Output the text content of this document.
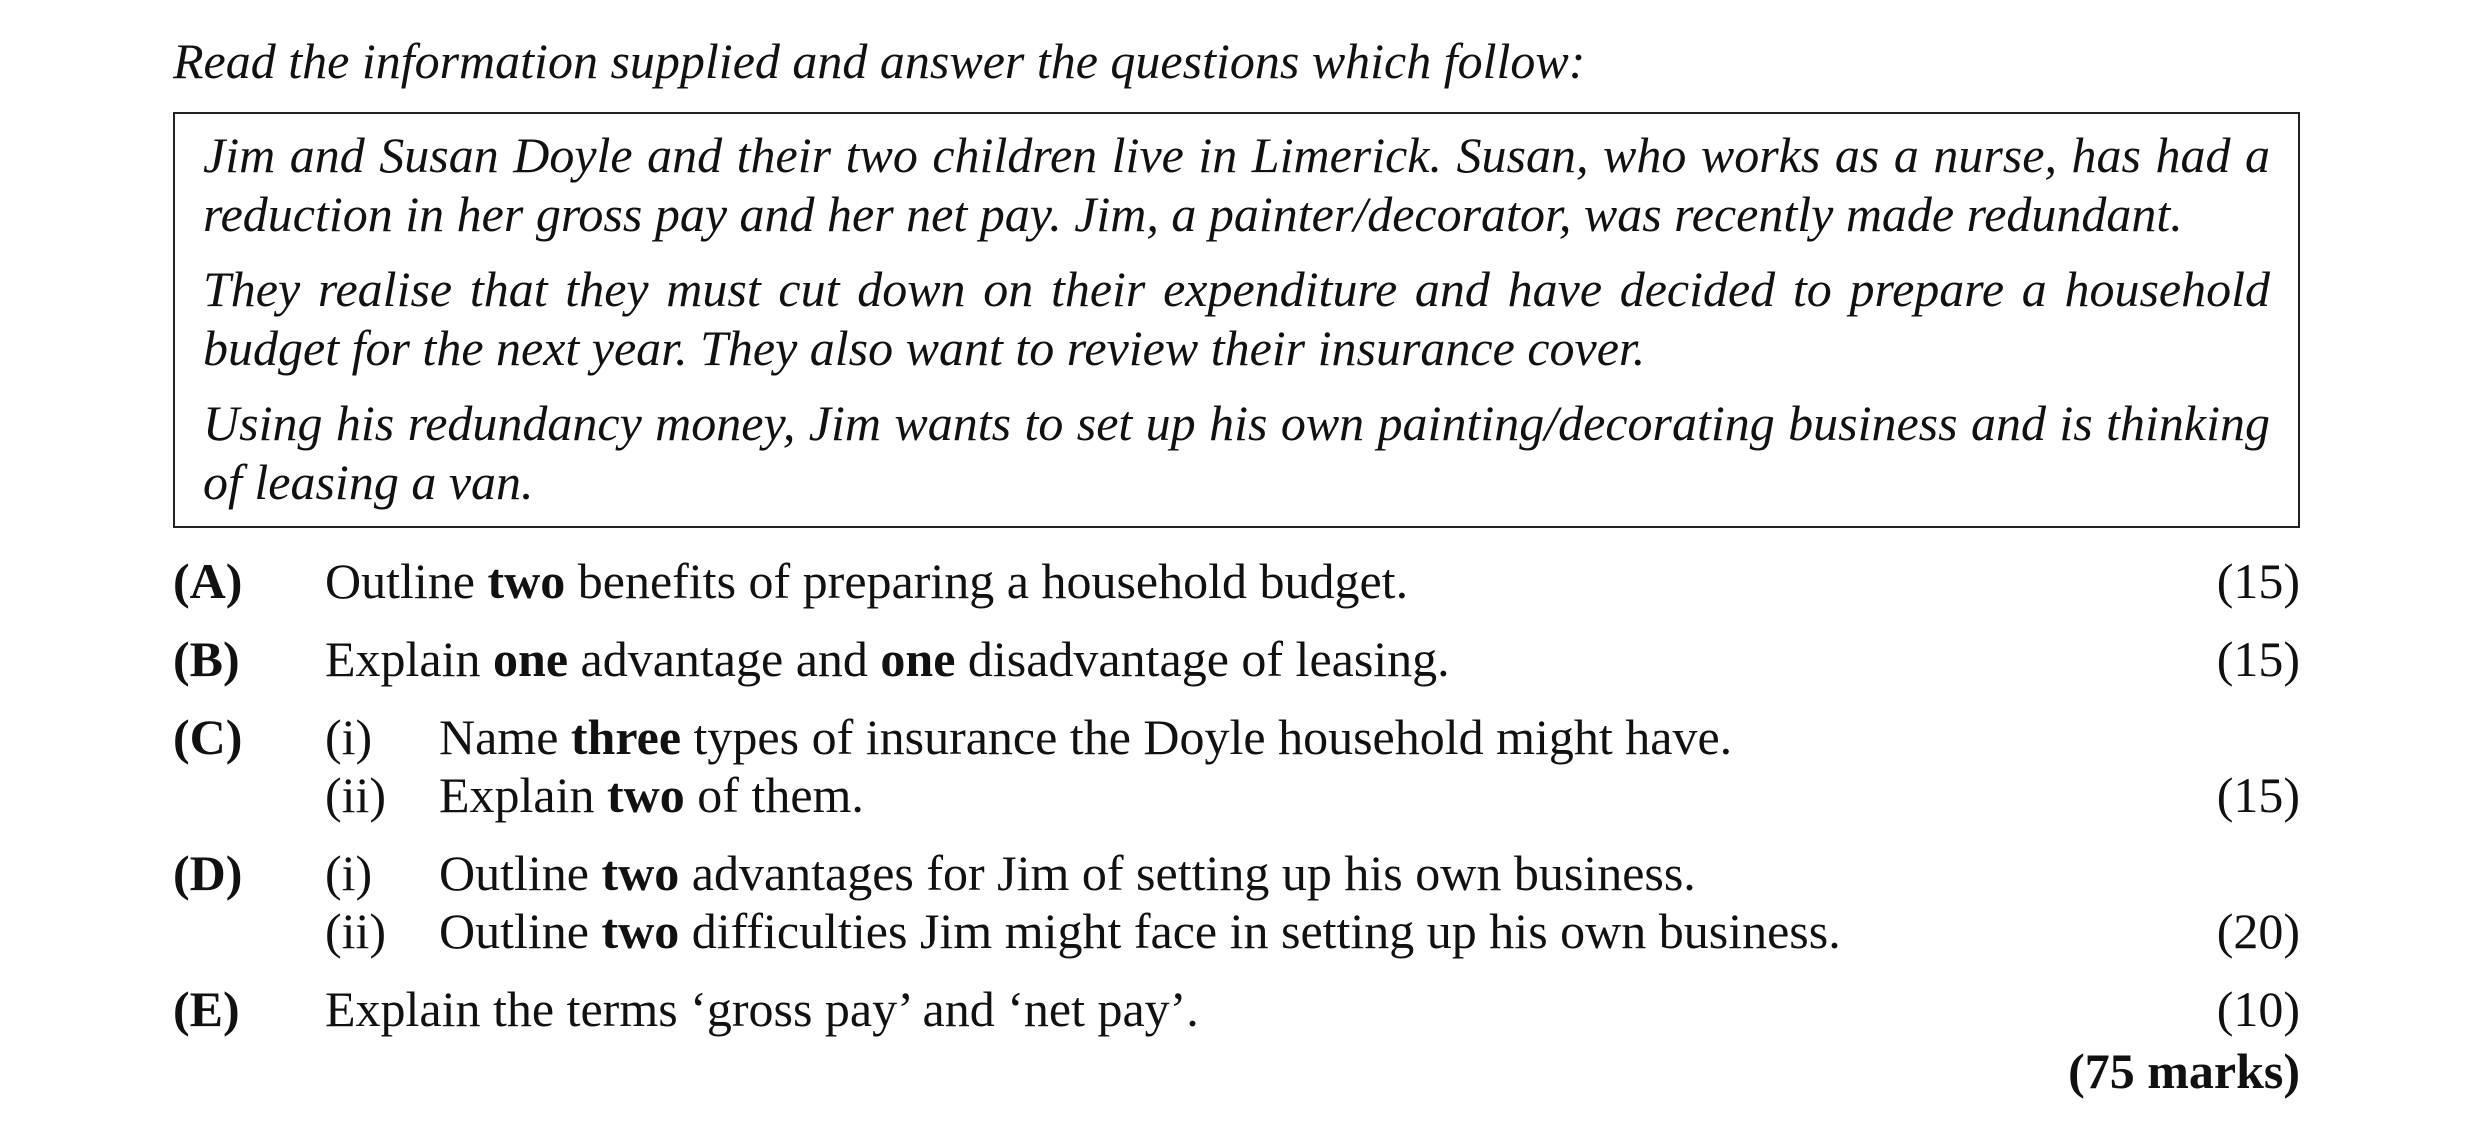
Read the information supplied and answer the questions which follow:

Jim and Susan Doyle and their two children live in Limerick. Susan, who works as a nurse, has had a reduction in her gross pay and her net pay. Jim, a painter/decorator, was recently made redundant.

They realise that they must cut down on their expenditure and have decided to prepare a household budget for the next year. They also want to review their insurance cover.

Using his redundancy money, Jim wants to set up his own painting/decorating business and is thinking of leasing a van.

(A)	Outline two benefits of preparing a household budget.	(15)
(B)	Explain one advantage and one disadvantage of leasing.	(15)
(C)	(i)	Name three types of insurance the Doyle household might have.
(ii)	Explain two of them.	(15)
(D)	(i)	Outline two advantages for Jim of setting up his own business.
(ii)	Outline two difficulties Jim might face in setting up his own business.	(20)
(E)	Explain the terms ‘gross pay’ and ‘net pay’.	(10)
(75 marks)
